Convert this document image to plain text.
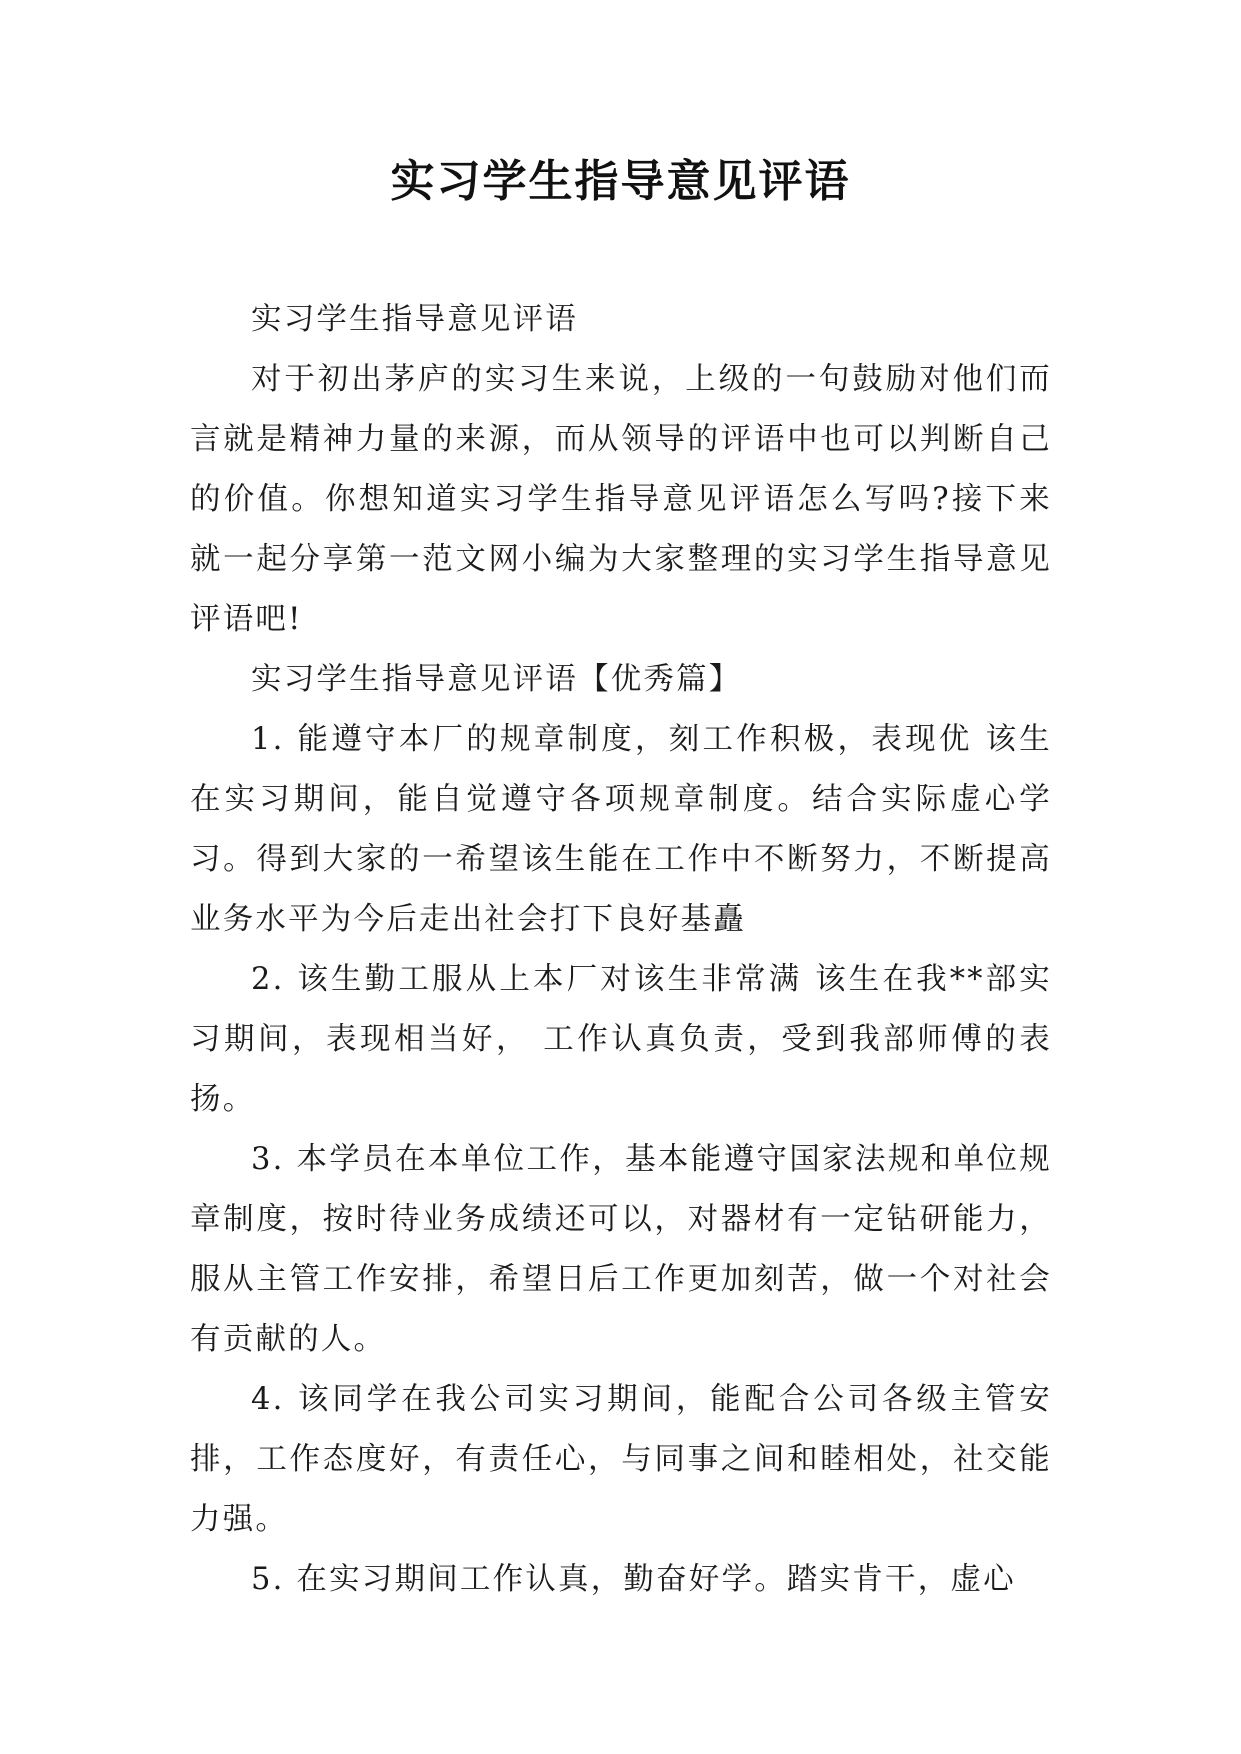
实习学生指导意见评语

实习学生指导意见评语

对于初出茅庐的实习生来说，上级的一句鼓励对他们而言就是精神力量的来源，而从领导的评语中也可以判断自己的价值。你想知道实习学生指导意见评语怎么写吗?接下来就一起分享第一范文网小编为大家整理的实习学生指导意见评语吧!

实习学生指导意见评语【优秀篇】

1. 能遵守本厂的规章制度，刻工作积极，表现优 该生在实习期间，能自觉遵守各项规章制度。结合实际虚心学习。得到大家的一希望该生能在工作中不断努力，不断提高业务水平为今后走出社会打下良好基矗

2. 该生勤工服从上本厂对该生非常满 该生在我**部实习期间，表现相当好， 工作认真负责，受到我部师傅的表扬。

3. 本学员在本单位工作，基本能遵守国家法规和单位规章制度，按时待业务成绩还可以，对器材有一定钻研能力，服从主管工作安排，希望日后工作更加刻苦，做一个对社会有贡献的人。

4. 该同学在我公司实习期间，能配合公司各级主管安排，工作态度好，有责任心，与同事之间和睦相处，社交能力强。

5. 在实习期间工作认真，勤奋好学。踏实肯干，虚心
